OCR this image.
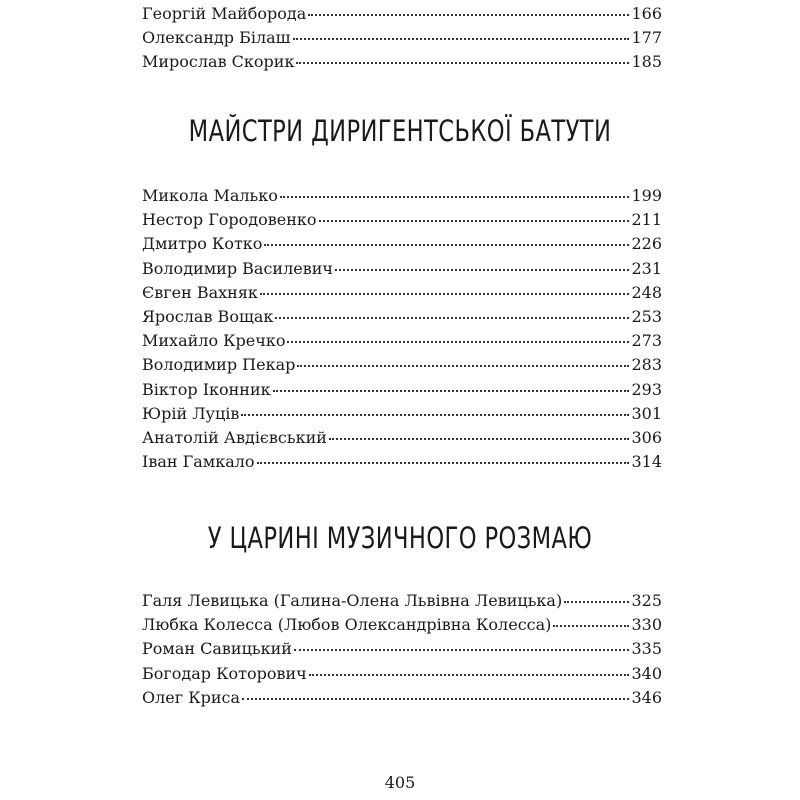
Георгій Майборода	166
Олександр Білаш	177
Мирослав Скорик	185
МАЙСТРИ ДИРИГЕНТСЬКОЇ БАТУТИ
Микола Малько	199
Нестор Городовенко	211
Дмитро Котко	226
Володимир Василевич	231
Євген Вахняк	248
Ярослав Вощак	253
Михайло Кречко	273
Володимир Пекар	283
Віктор Іконник	293
Юрій Луців	301
Анатолій Авдієвський	306
Іван Гамкало	314
У ЦАРИНІ МУЗИЧНОГО РОЗМАЮ
Галя Левицька (Галина-Олена Львівна Левицька)	325
Любка Колесса (Любов Олександрівна Колесса)	330
Роман Савицький	335
Богодар Которович	340
Олег Криса	346
405
